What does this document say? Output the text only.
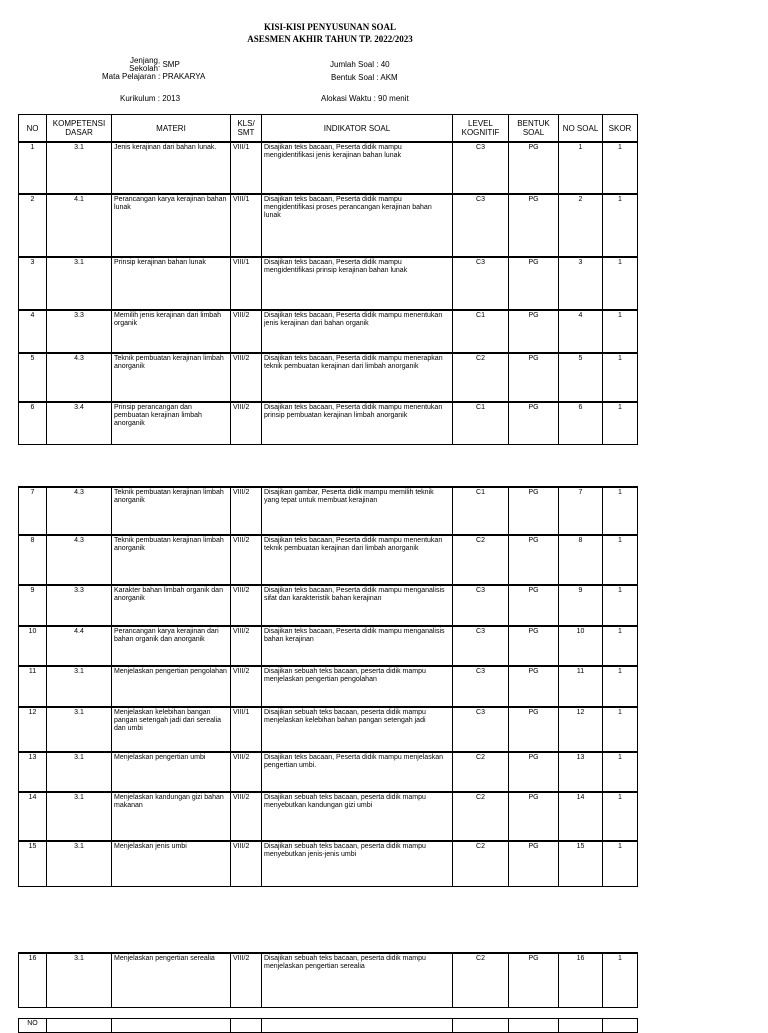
KISI-KISI PENYUSUNAN SOAL
ASESMEN AKHIR TAHUN TP. 2022/2023
Jenjang
Sekolah : SMP
Mata Pelajaran : PRAKARYA
Kurikulum : 2013
Jumlah Soal : 40
Bentuk Soal : AKM
Alokasi Waktu : 90 menit
NO	KOMPETENSI DASAR	MATERI	KLS/ SMT	INDIKATOR SOAL	LEVEL KOGNITIF	BENTUK SOAL	NO SOAL	SKOR
1	3.1	Jenis kerajinan dari bahan lunak.	VIII/1	Disajikan teks bacaan, Peserta didik mampu mengidentifikasi jenis kerajinan bahan lunak	C3	PG	1	1
2	4.1	Perancangan karya kerajinan bahan lunak	VIII/1	Disajikan teks bacaan, Peserta didik mampu mengidentifikasi proses perancangan kerajinan bahan lunak	C3	PG	2	1
3	3.1	Prinsip kerajinan bahan lunak	VIII/1	Disajikan teks bacaan, Peserta didik mampu mengidentifikasi prinsip kerajinan bahan lunak	C3	PG	3	1
4	3.3	Memilih jenis kerajinan dari limbah organik	VIII/2	Disajikan teks bacaan, Peserta didik mampu menentukan jenis kerajinan dari bahan organik	C1	PG	4	1
5	4.3	Teknik pembuatan kerajinan limbah anorganik	VIII/2	Disajikan teks bacaan, Peserta didik mampu menerapkan teknik pembuatan kerajinan dari limbah anorganik	C2	PG	5	1
6	3.4	Prinsip perancangan dan pembuatan kerajinan limbah anorganik	VIII/2	Disajikan teks bacaan, Peserta didik mampu menentukan prinsip pembuatan kerajinan limbah anorganik	C1	PG	6	1
7	4.3	Teknik pembuatan kerajinan limbah anorganik	VIII/2	Disajikan gambar, Peserta didik mampu memilih teknik yang tepat untuk membuat kerajinan	C1	PG	7	1
8	4.3	Teknik pembuatan kerajinan limbah anorganik	VIII/2	Disajikan teks bacaan, Peserta didik mampu menentukan teknik pembuatan kerajinan dari limbah anorganik	C2	PG	8	1
9	3.3	Karakter bahan limbah organik dan anorganik	VIII/2	Disajikan teks bacaan, Peserta didik mampu menganalisis sifat dan karakteristik bahan kerajinan	C3	PG	9	1
10	4.4	Perancangan karya kerajinan dari bahan organik dan anorganik	VIII/2	Disajikan teks bacaan, Peserta didik mampu menganalisis bahan kerajinan	C3	PG	10	1
11	3.1	Menjelaskan pengertian pengolahan	VIII/2	Disajikan sebuah teks bacaan, peserta didik mampu menjelaskan pengertian pengolahan	C3	PG	11	1
12	3.1	Menjelaskan kelebihan bangan pangan setengah jadi dari serealia dan umbi	VIII/1	Disajikan sebuah teks bacaan, peserta didik mampu menjelaskan kelebihan bahan pangan setengah jadi	C3	PG	12	1
13	3.1	Menjelaskan pengertian umbi	VIII/2	Disajikan teks bacaan, Peserta didik mampu menjelaskan pengertian umbi.	C2	PG	13	1
14	3.1	Menjelaskan kandungan gizi bahan makanan	VIII/2	Disajikan sebuah teks bacaan, peserta didik mampu menyebutkan kandungan gizi umbi	C2	PG	14	1
15	3.1	Menjelaskan jenis umbi	VIII/2	Disajikan sebuah teks bacaan, peserta didik mampu menyebutkan jenis-jenis umbi	C2	PG	15	1
16	3.1	Menjelaskan pengertian serealia	VIII/2	Disajikan sebuah teks bacaan, peserta didik mampu menjelaskan pengertian serealia	C2	PG	16	1
NO								
